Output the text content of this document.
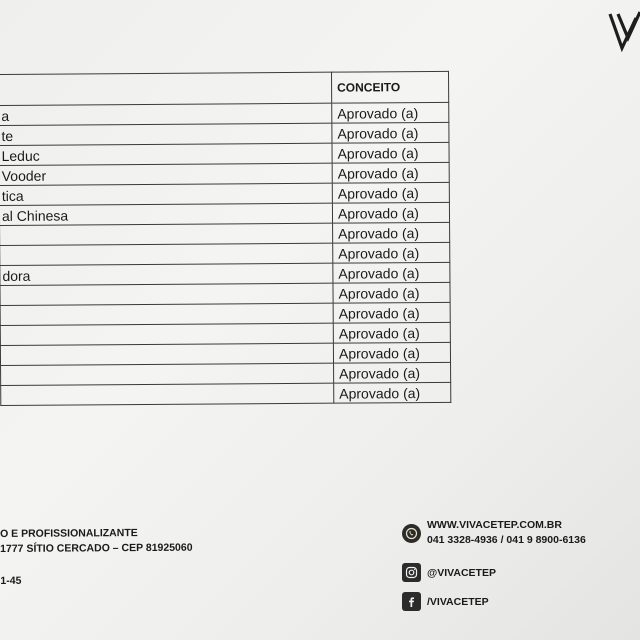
	CONCEITO
a	Aprovado (a)
te	Aprovado (a)
Leduc	Aprovado (a)
Vooder	Aprovado (a)
tica	Aprovado (a)
al Chinesa	Aprovado (a)
	Aprovado (a)
	Aprovado (a)
dora	Aprovado (a)
	Aprovado (a)
	Aprovado (a)
	Aprovado (a)
	Aprovado (a)
	Aprovado (a)
	Aprovado (a)
O E PROFISSIONALIZANTE
1777 SÍTIO CERCADO – CEP 81925060
1-45
WWW.VIVACETEP.COM.BR
041 3328-4936 / 041 9 8900-6136
@VIVACETEP
/VIVACETEP
